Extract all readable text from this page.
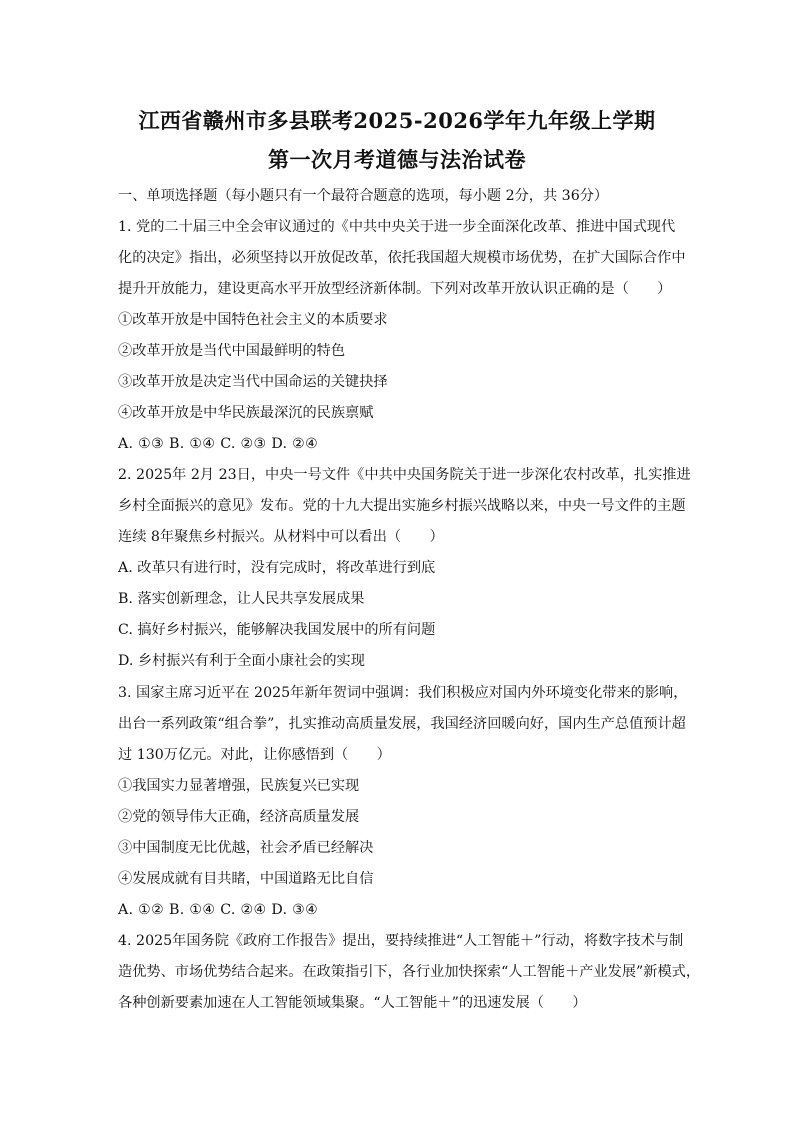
江西省赣州市多县联考2025-2026学年九年级上学期
第一次月考道德与法治试卷
一、单项选择题（每小题只有一个最符合题意的选项，每小题 2分，共 36分）
1. 党的二十届三中全会审议通过的《中共中央关于进一步全面深化改革、推进中国式现代
化的决定》指出，必须坚持以开放促改革，依托我国超大规模市场优势，在扩大国际合作中
提升开放能力，建设更高水平开放型经济新体制。下列对改革开放认识正确的是（　　）
①改革开放是中国特色社会主义的本质要求
②改革开放是当代中国最鲜明的特色
③改革开放是决定当代中国命运的关键抉择
④改革开放是中华民族最深沉的民族禀赋
A. ①③ B. ①④ C. ②③ D. ②④
2. 2025年 2月 23日，中央一号文件《中共中央国务院关于进一步深化农村改革，扎实推进
乡村全面振兴的意见》发布。党的十九大提出实施乡村振兴战略以来，中央一号文件的主题
连续 8年聚焦乡村振兴。从材料中可以看出（　　）
A. 改革只有进行时，没有完成时，将改革进行到底
B. 落实创新理念，让人民共享发展成果
C. 搞好乡村振兴，能够解决我国发展中的所有问题
D. 乡村振兴有利于全面小康社会的实现
3. 国家主席习近平在 2025年新年贺词中强调：我们积极应对国内外环境变化带来的影响，
出台一系列政策“组合拳”，扎实推动高质量发展，我国经济回暖向好，国内生产总值预计超
过 130万亿元。对此，让你感悟到（　　）
①我国实力显著增强，民族复兴已实现
②党的领导伟大正确，经济高质量发展
③中国制度无比优越，社会矛盾已经解决
④发展成就有目共睹，中国道路无比自信
A. ①② B. ①④ C. ②④ D. ③④
4. 2025年国务院《政府工作报告》提出，要持续推进“人工智能＋”行动，将数字技术与制
造优势、市场优势结合起来。在政策指引下，各行业加快探索“人工智能＋产业发展”新模式，
各种创新要素加速在人工智能领域集聚。“人工智能＋”的迅速发展（　　）
